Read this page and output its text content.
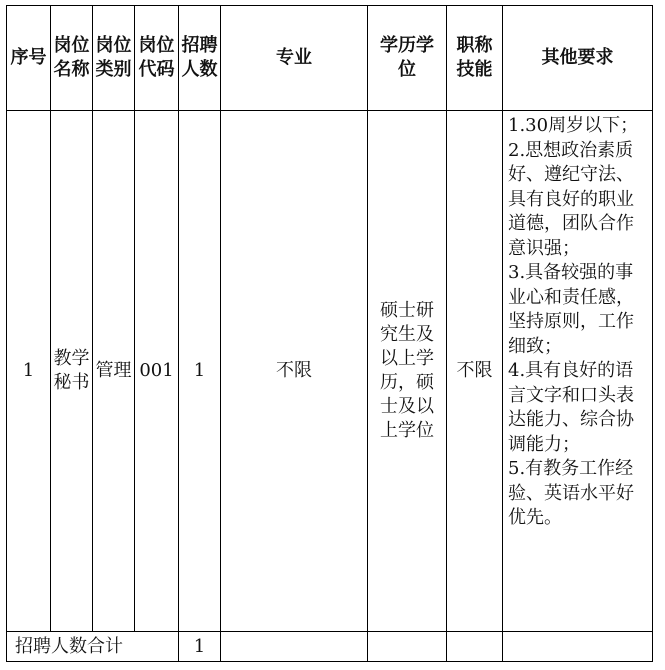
序号	岗位名称	岗位类别	岗位代码	招聘人数	专业	学历学位	职称技能	其他要求
1	教学秘书	管理	001	1	不限	硕士研究生及以上学历，硕士及以上学位	不限	1.30周岁以下；
2.思想政治素质好、遵纪守法、具有良好的职业道德，团队合作意识强；
3.具备较强的事业心和责任感，坚持原则，工作细致；
4.具有良好的语言文字和口头表达能力、综合协调能力；
5.有教务工作经验、英语水平好优先。

招聘人数合计				1				
